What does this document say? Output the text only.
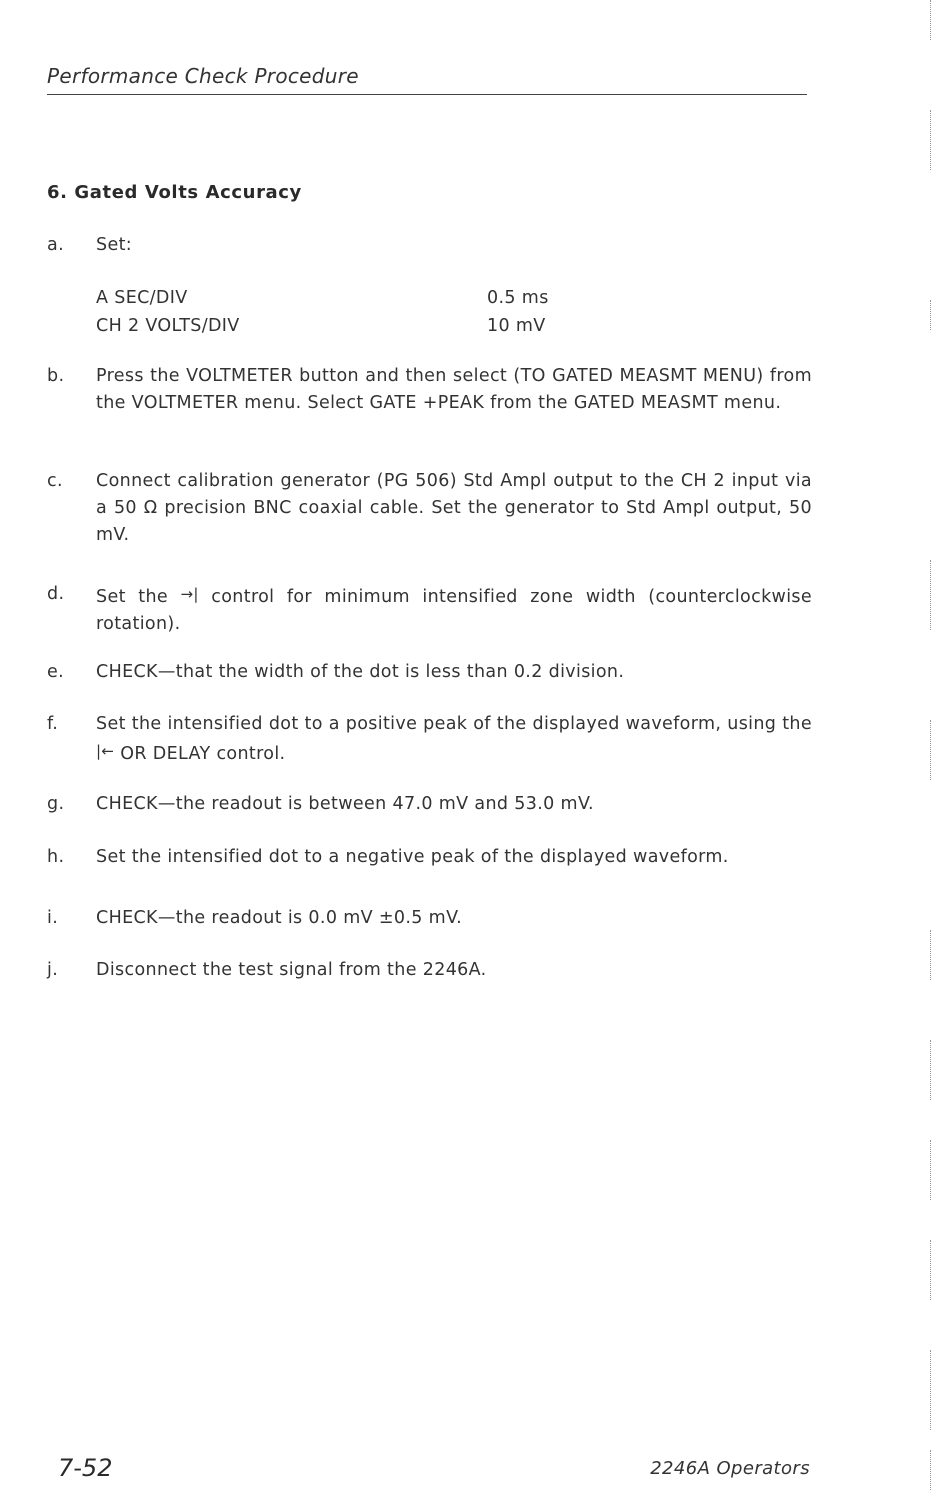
Performance Check Procedure
6. Gated Volts Accuracy
a.	Set:
A SEC/DIV	0.5 ms
CH 2 VOLTS/DIV	10 mV
b.	Press the VOLTMETER button and then select (TO GATED MEASMT MENU) from the VOLTMETER menu. Select GATE +PEAK from the GATED MEASMT menu.
c.	Connect calibration generator (PG 506) Std Ampl output to the CH 2 input via a 50 Ω precision BNC coaxial cable. Set the generator to Std Ampl output, 50 mV.
d.	Set the →| control for minimum intensified zone width (counterclockwise rotation).
e.	CHECK—that the width of the dot is less than 0.2 division.
f.	Set the intensified dot to a positive peak of the displayed waveform, using the |← OR DELAY control.
g.	CHECK—the readout is between 47.0 mV and 53.0 mV.
h.	Set the intensified dot to a negative peak of the displayed waveform.
i.	CHECK—the readout is 0.0 mV ±0.5 mV.
j.	Disconnect the test signal from the 2246A.
7-52	2246A Operators
